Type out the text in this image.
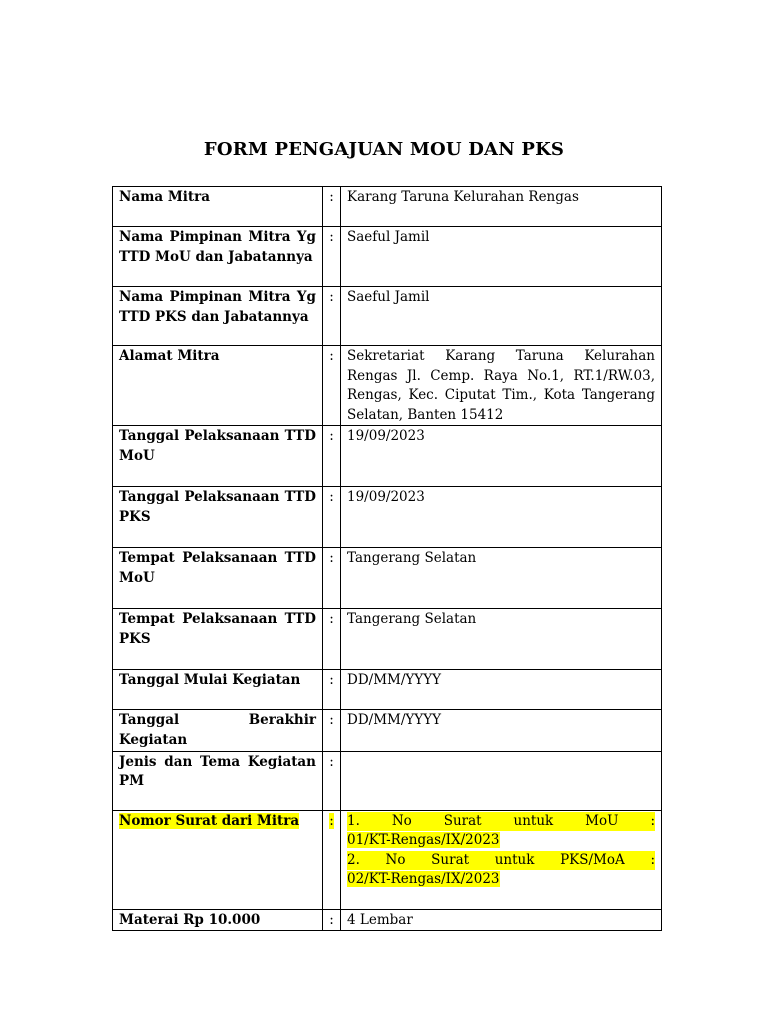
FORM PENGAJUAN MOU DAN PKS
Nama Mitra	:	Karang Taruna Kelurahan Rengas

Nama Pimpinan Mitra Yg
TTD MoU dan Jabatannya	:	Saeful Jamil

Nama Pimpinan Mitra Yg
TTD PKS dan Jabatannya	:	Saeful Jamil
Alamat Mitra	:	Sekretariat Karang Taruna Kelurahan Rengas Jl. Cemp. Raya No.1, RT.1/RW.03, Rengas, Kec. Ciputat Tim., Kota Tangerang Selatan, Banten 15412

Tanggal Pelaksanaan TTD
MoU	:	19/09/2023

Tanggal Pelaksanaan TTD
PKS	:	19/09/2023

Tempat Pelaksanaan TTD
MoU	:	Tangerang Selatan

Tempat Pelaksanaan TTD
PKS	:	Tangerang Selatan
Tanggal Mulai Kegiatan	:	DD/MM/YYYY
Tanggal Berakhir Kegiatan	:	DD/MM/YYYY

Jenis dan Tema Kegiatan
PM	:	
Nomor Surat dari Mitra	:	1. No Surat untuk MoU :
01/KT-Rengas/IX/2023
2. No Surat untuk PKS/MoA :
02/KT-Rengas/IX/2023

Materai Rp 10.000	:	4 Lembar
